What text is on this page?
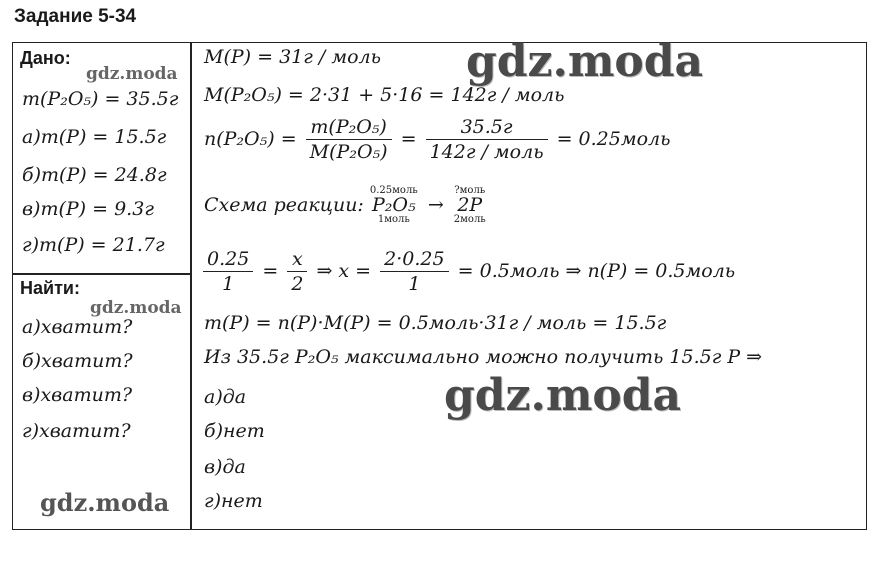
Задание 5-34
Дано:
m(P₂O₅) = 35.5г
а)m(P) = 15.5г
б)m(P) = 24.8г
в)m(P) = 9.3г
г)m(P) = 21.7г
Найти:
а)хватит?
б)хватит?
в)хватит?
г)хватит?
M(P) = 31г / моль
M(P₂O₅) = 2·31 + 5·16 = 142г / моль
$n(P_2O_5) = \frac{\text{m(P₂O₅)}}{\text{M(P₂O₅)}} = \frac{35.5г}{\text{142г / моль}}$ = 0.25моль
Схема реакции:
0.25моль
P₂O₅
1моль
→
?моль
2P
2моль
$\frac{0.25}{1} = \frac{x}{2}$ ⇒ $x = \frac{2\cdot 0.25}{1}$ = 0.5моль ⇒ n(P) = 0.5моль
m(P) = n(P)·M(P) = 0.5моль·31г / моль = 15.5г
Из 35.5г P₂O₅ максимально можно получить 15.5г P ⇒
а)да
б)нет
в)да
г)нет
gdz.moda	gdz.moda
gdz.moda
gdz.moda
gdz.moda
